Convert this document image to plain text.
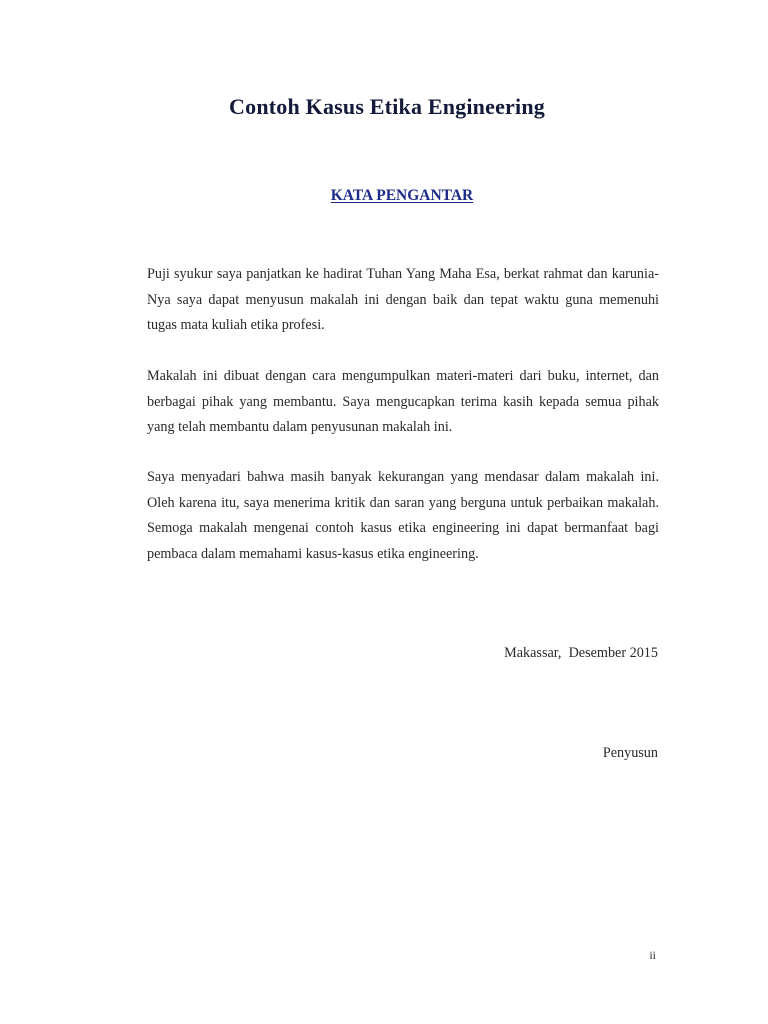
Contoh Kasus Etika Engineering
KATA PENGANTAR

Puji syukur saya panjatkan ke hadirat Tuhan Yang Maha Esa, berkat rahmat dan karunia-Nya saya dapat menyusun makalah ini dengan baik dan tepat waktu guna memenuhi tugas mata kuliah etika profesi.

Makalah ini dibuat dengan cara mengumpulkan materi-materi dari buku, internet, dan berbagai pihak yang membantu. Saya mengucapkan terima kasih kepada semua pihak yang telah membantu dalam penyusunan makalah ini.

Saya menyadari bahwa masih banyak kekurangan yang mendasar dalam makalah ini. Oleh karena itu, saya menerima kritik dan saran yang berguna untuk perbaikan makalah. Semoga makalah mengenai contoh kasus etika engineering ini dapat bermanfaat bagi pembaca dalam memahami kasus-kasus etika engineering.

Makassar,  Desember 2015

Penyusun

ii
